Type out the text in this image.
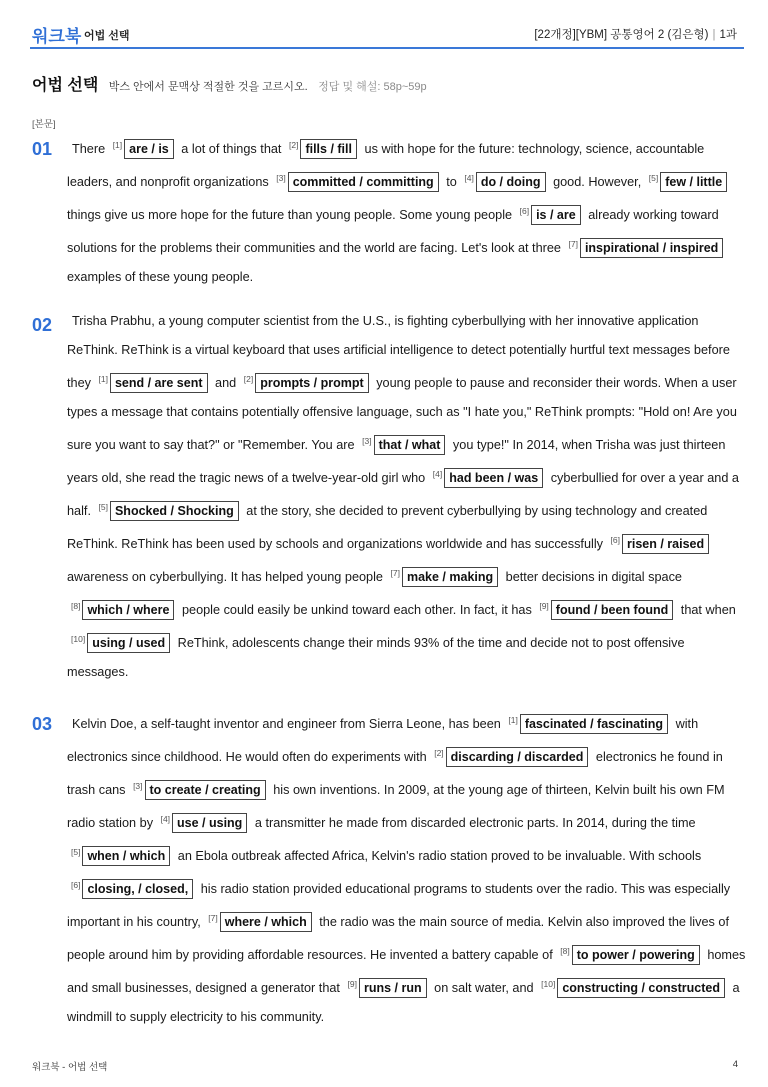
워크북 어법 선택	[22개정][YBM] 공통영어 2 (김은형) | 1과
어법 선택 박스 안에서 문맥상 적절한 것을 고르시오. 정답 및 해설: 58p~59p
[본문]
01	There [1] are / is a lot of things that [2] fills / fill us with hope for the future: technology, science, accountable leaders, and nonprofit organizations [3] committed / committing to [4] do / doing good. However, [5] few / little things give us more hope for the future than young people. Some young people [6] is / are already working toward solutions for the problems their communities and the world are facing. Let's look at three [7] inspirational / inspired examples of these young people.
02	Trisha Prabhu, a young computer scientist from the U.S., is fighting cyberbullying with her innovative application ReThink. ReThink is a virtual keyboard that uses artificial intelligence to detect potentially hurtful text messages before they [1] send / are sent and [2] prompts / prompt young people to pause and reconsider their words. When a user types a message that contains potentially offensive language, such as "I hate you," ReThink prompts: "Hold on! Are you sure you want to say that?" or "Remember. You are [3] that / what you type!" In 2014, when Trisha was just thirteen years old, she read the tragic news of a twelve-year-old girl who [4] had been / was cyberbullied for over a year and a half. [5] Shocked / Shocking at the story, she decided to prevent cyberbullying by using technology and created ReThink. ReThink has been used by schools and organizations worldwide and has successfully [6] risen / raised awareness on cyberbullying. It has helped young people [7] make / making better decisions in digital space [8] which / where people could easily be unkind toward each other. In fact, it has [9] found / been found that when [10] using / used ReThink, adolescents change their minds 93% of the time and decide not to post offensive messages.
03	Kelvin Doe, a self-taught inventor and engineer from Sierra Leone, has been [1] fascinated / fascinating with electronics since childhood. He would often do experiments with [2] discarding / discarded electronics he found in trash cans [3] to create / creating his own inventions. In 2009, at the young age of thirteen, Kelvin built his own FM radio station by [4] use / using a transmitter he made from discarded electronic parts. In 2014, during the time [5] when / which an Ebola outbreak affected Africa, Kelvin's radio station proved to be invaluable. With schools [6] closing, / closed, his radio station provided educational programs to students over the radio. This was especially important in his country, [7] where / which the radio was the main source of media. Kelvin also improved the lives of people around him by providing affordable resources. He invented a battery capable of [8] to power / powering homes and small businesses, designed a generator that [9] runs / run on salt water, and [10] constructing / constructed a windmill to supply electricity to his community.
워크북 - 어법 선택	4
